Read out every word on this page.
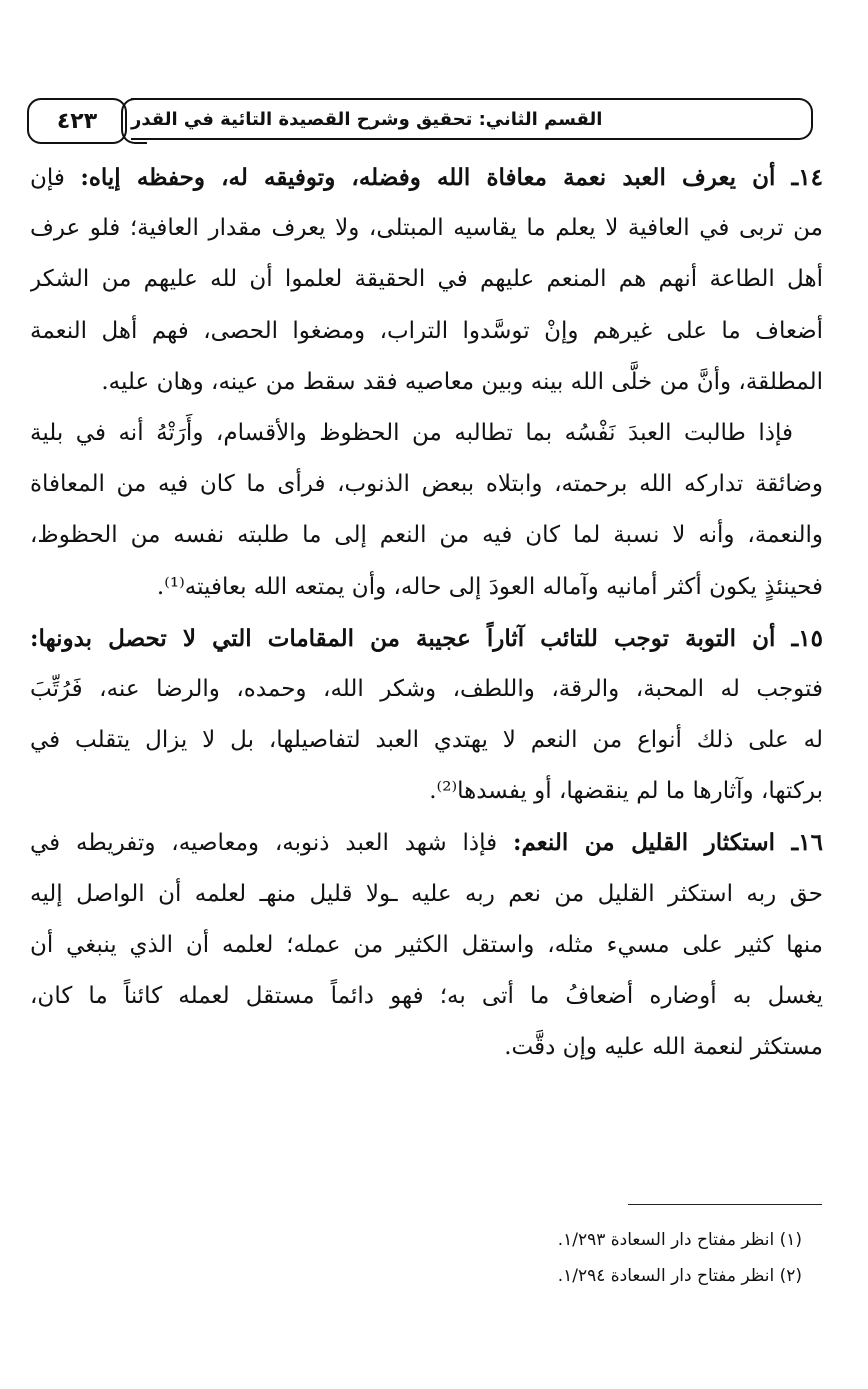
٤٢٣	القسم الثاني: تحقيق وشرح القصيدة التائية في القدر
١٤ـ أن يعرف العبد نعمة معافاة الله وفضله، وتوفيقه له، وحفظه إياه: فإن
من تربى في العافية لا يعلم ما يقاسيه المبتلى، ولا يعرف مقدار العافية؛ فلو عرف
أهل الطاعة أنهم هم المنعم عليهم في الحقيقة لعلموا أن لله عليهم من الشكر
أضعاف ما على غيرهم وإنْ توسَّدوا التراب، ومضغوا الحصى، فهم أهل النعمة
المطلقة، وأنَّ من خلَّى الله بينه وبين معاصيه فقد سقط من عينه، وهان عليه.
فإذا طالبت العبدَ نَفْسُه بما تطالبه من الحظوظ والأقسام، وأَرَتْهُ أنه في بلية
وضائقة تداركه الله برحمته، وابتلاه ببعض الذنوب، فرأى ما كان فيه من المعافاة
والنعمة، وأنه لا نسبة لما كان فيه من النعم إلى ما طلبته نفسه من الحظوظ،
فحينئذٍ يكون أكثر أمانيه وآماله العودَ إلى حاله، وأن يمتعه الله بعافيته⁽¹⁾.
١٥ـ أن التوبة توجب للتائب آثاراً عجيبة من المقامات التي لا تحصل بدونها:
فتوجب له المحبة، والرقة، واللطف، وشكر الله، وحمده، والرضا عنه، فَرُتِّبَ
له على ذلك أنواع من النعم لا يهتدي العبد لتفاصيلها، بل لا يزال يتقلب في
بركتها، وآثارها ما لم ينقضها، أو يفسدها⁽²⁾.
١٦ـ استكثار القليل من النعم: فإذا شهد العبد ذنوبه، ومعاصيه، وتفريطه في
حق ربه استكثر القليل من نعم ربه عليه ـولا قليل منهـ لعلمه أن الواصل إليه
منها كثير على مسيء مثله، واستقل الكثير من عمله؛ لعلمه أن الذي ينبغي أن
يغسل به أوضاره أضعافُ ما أتى به؛ فهو دائماً مستقل لعمله كائناً ما كان،
مستكثر لنعمة الله عليه وإن دقَّت.
(١) انظر مفتاح دار السعادة ١/٢٩٣.
(٢) انظر مفتاح دار السعادة ١/٢٩٤.
